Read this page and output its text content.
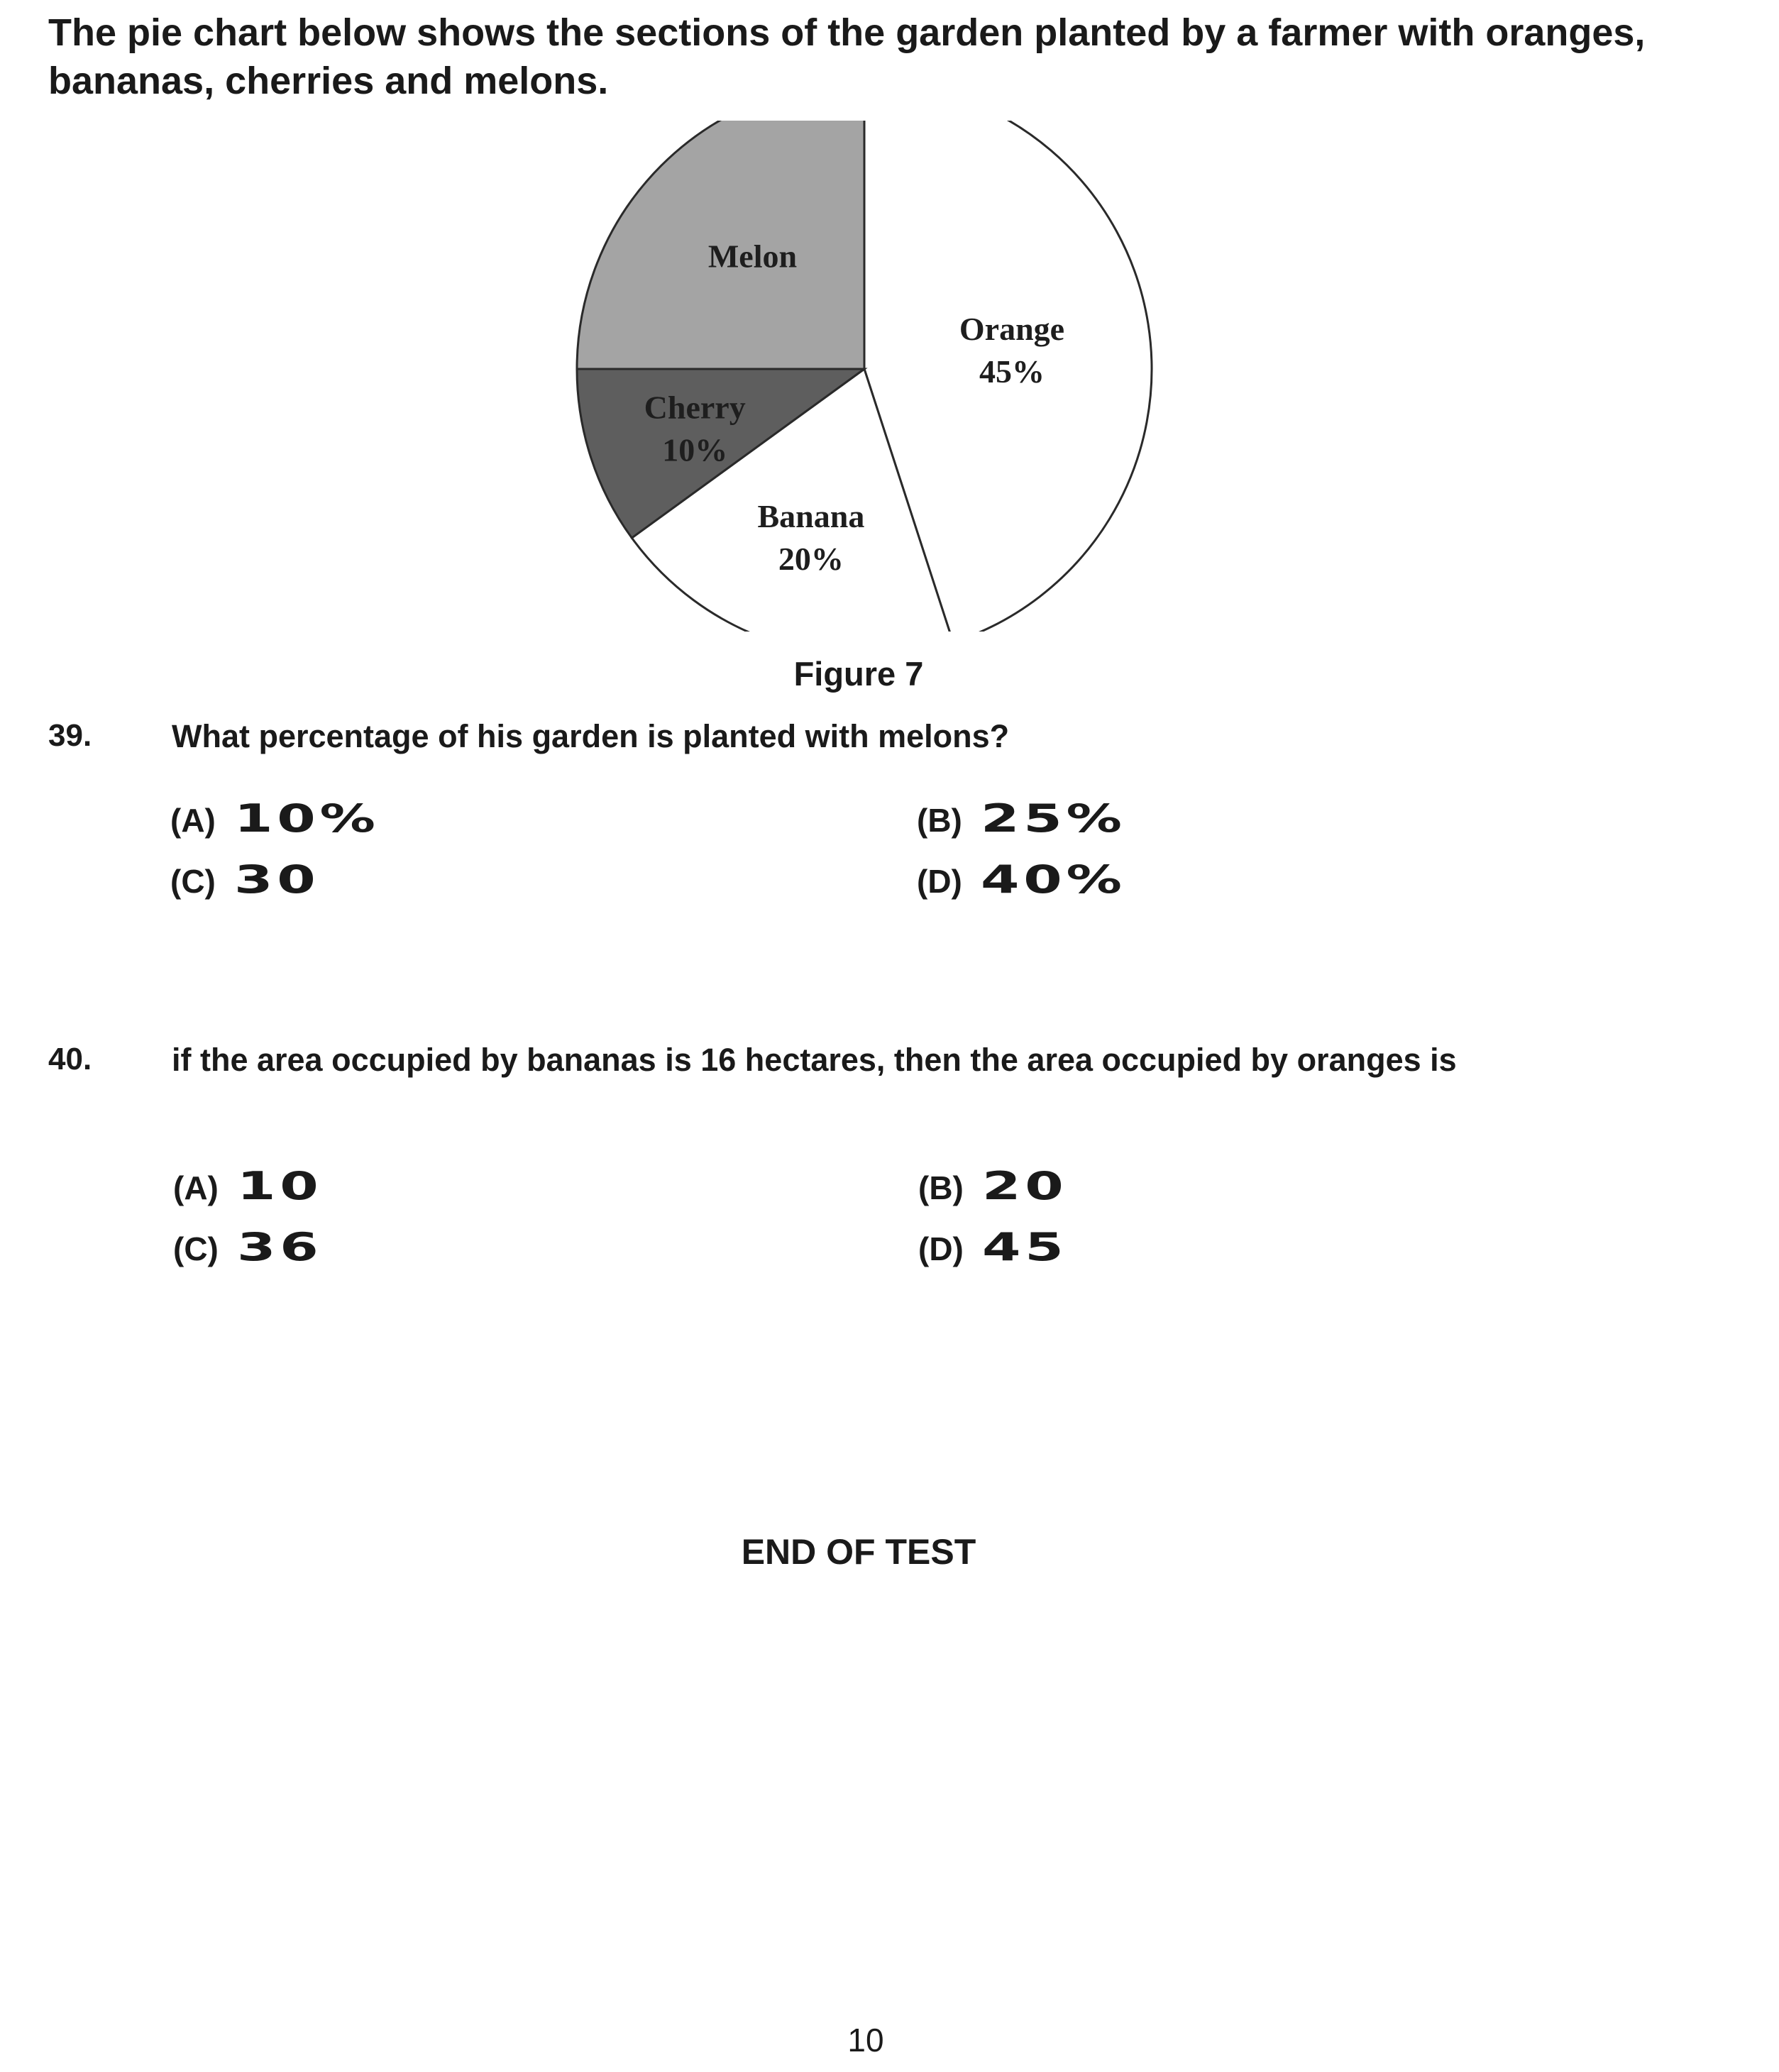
The pie chart below shows the sections of the garden planted by a farmer with oranges, bananas, cherries and melons.

Orange
45%
Banana
20%
Cherry
10%
Melon
Figure 7
39.	What percentage of his garden is planted with melons?
(A) 10%	(B) 25%
(C) 30	(D) 40%
40.	if the area occupied by bananas is 16 hectares, then the area occupied by oranges is
(A) 10	(B) 20
(C) 36	(D) 45
END OF TEST
10
